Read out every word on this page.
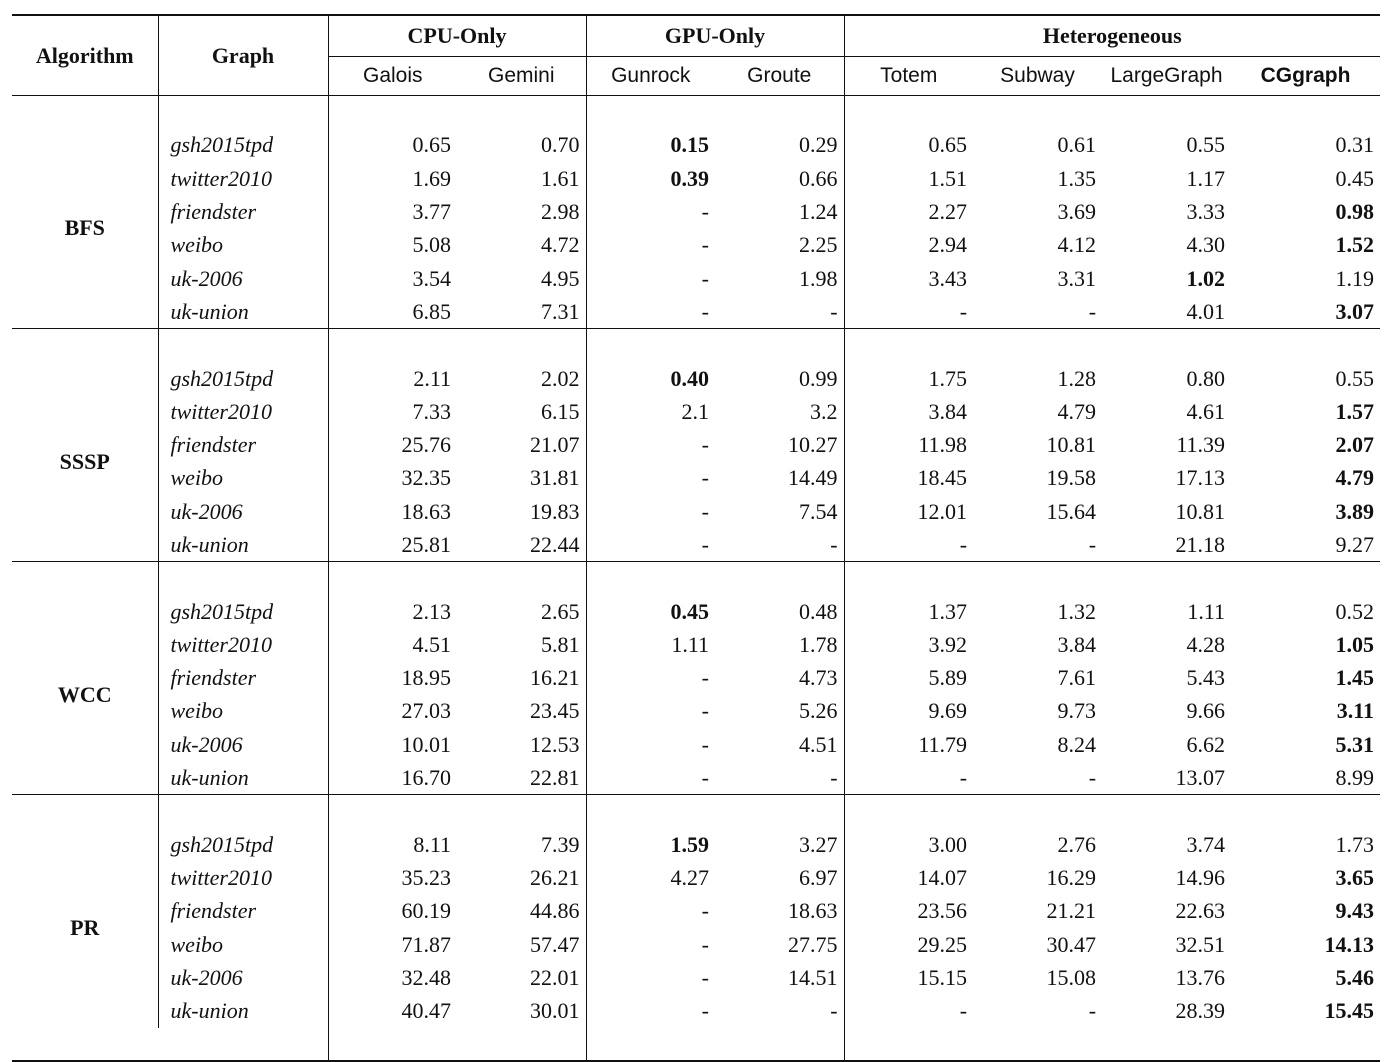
Algorithm	Graph	CPU-Only		GPU-Only		Heterogeneous			
		Galois	Gemini	Gunrock	Groute	Totem	Subway	LargeGraph	CGgraph

BFS	gsh2015tpd	0.65	0.70	0.15	0.29	0.65	0.61	0.55	0.31
	twitter2010	1.69	1.61	0.39	0.66	1.51	1.35	1.17	0.45
	friendster	3.77	2.98	-	1.24	2.27	3.69	3.33	0.98
	weibo	5.08	4.72	-	2.25	2.94	4.12	4.30	1.52
	uk-2006	3.54	4.95	-	1.98	3.43	3.31	1.02	1.19
	uk-union	6.85	7.31	-	-	-	-	4.01	3.07

SSSP	gsh2015tpd	2.11	2.02	0.40	0.99	1.75	1.28	0.80	0.55
	twitter2010	7.33	6.15	2.1	3.2	3.84	4.79	4.61	1.57
	friendster	25.76	21.07	-	10.27	11.98	10.81	11.39	2.07
	weibo	32.35	31.81	-	14.49	18.45	19.58	17.13	4.79
	uk-2006	18.63	19.83	-	7.54	12.01	15.64	10.81	3.89
	uk-union	25.81	22.44	-	-	-	-	21.18	9.27

WCC	gsh2015tpd	2.13	2.65	0.45	0.48	1.37	1.32	1.11	0.52
	twitter2010	4.51	5.81	1.11	1.78	3.92	3.84	4.28	1.05
	friendster	18.95	16.21	-	4.73	5.89	7.61	5.43	1.45
	weibo	27.03	23.45	-	5.26	9.69	9.73	9.66	3.11
	uk-2006	10.01	12.53	-	4.51	11.79	8.24	6.62	5.31
	uk-union	16.70	22.81	-	-	-	-	13.07	8.99

PR	gsh2015tpd	8.11	7.39	1.59	3.27	3.00	2.76	3.74	1.73
	twitter2010	35.23	26.21	4.27	6.97	14.07	16.29	14.96	3.65
	friendster	60.19	44.86	-	18.63	23.56	21.21	22.63	9.43
	weibo	71.87	57.47	-	27.75	29.25	30.47	32.51	14.13
	uk-2006	32.48	22.01	-	14.51	15.15	15.08	13.76	5.46
	uk-union	40.47	30.01	-	-	-	-	28.39	15.45
